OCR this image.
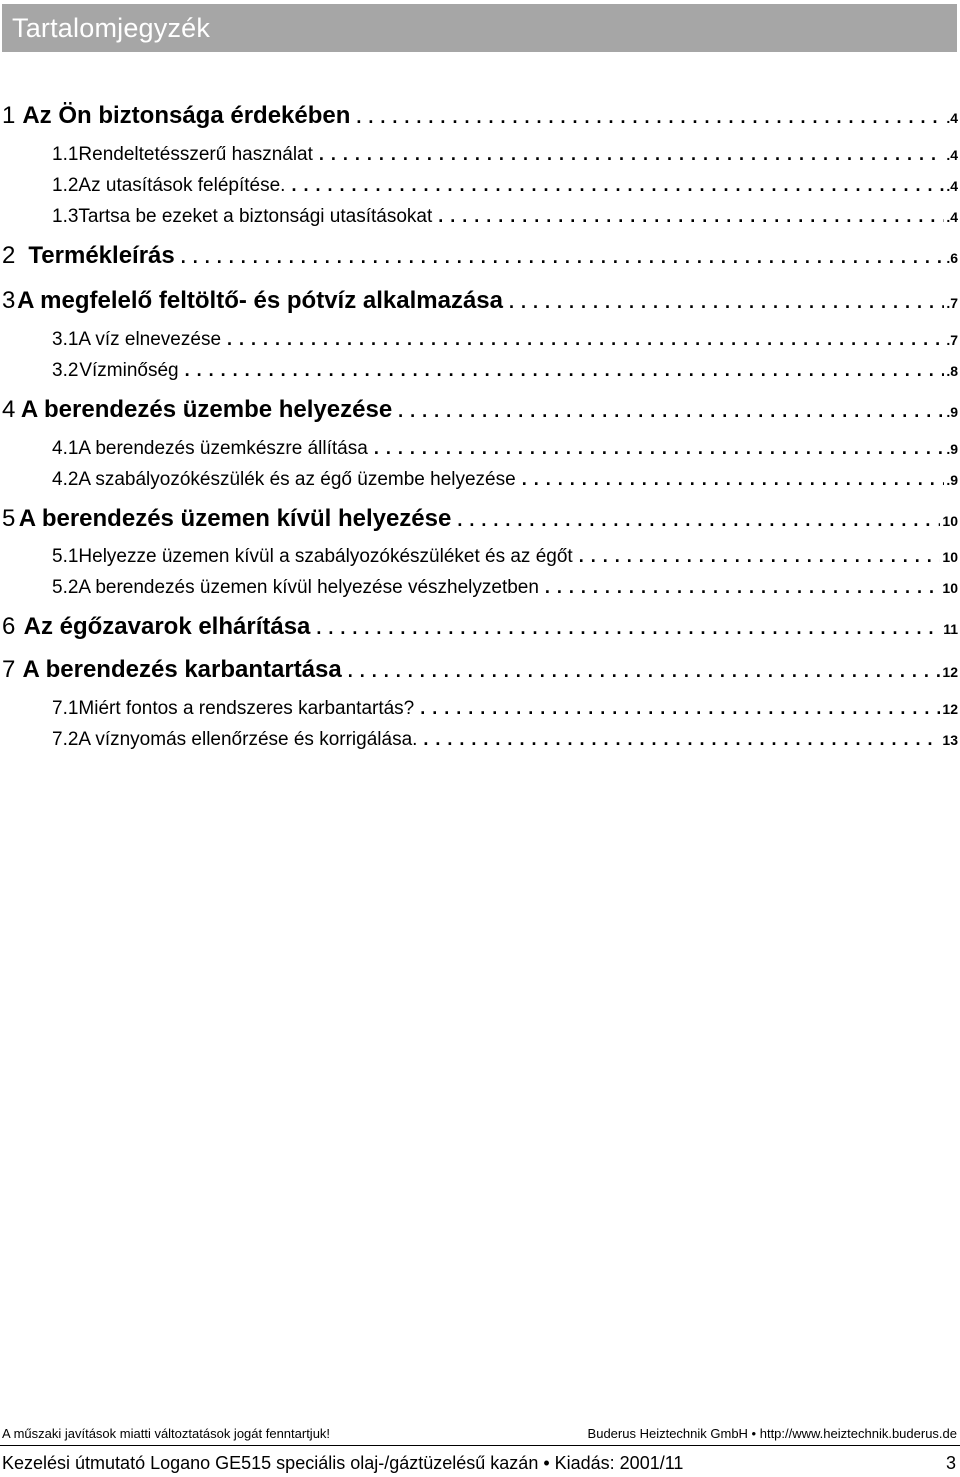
Tartalomjegyzék
1 Az Ön biztonsága érdekében . . .	.4
1.1 Rendeltetésszerű használat . . .	.4
1.2 Az utasítások felépítése. . . .	.4
1.3 Tartsa be ezeket a biztonsági utasításokat . . .	.4
2 Termékleírás . . .	.6
3 A megfelelő feltöltő- és pótvíz alkalmazása . . .	.7
3.1 A víz elnevezése . . .	.7
3.2 Vízminőség . . .	.8
4 A berendezés üzembe helyezése . . .	.9
4.1 A berendezés üzemkészre állítása . . .	.9
4.2 A szabályozókészülék és az égő üzembe helyezése . . .	.9
5 A berendezés üzemen kívül helyezése . . .	10
5.1 Helyezze üzemen kívül a szabályozókészüléket és az égőt . . .	10
5.2 A berendezés üzemen kívül helyezése vészhelyzetben . . .	10
6 Az égőzavarok elhárítása . . .	11
7 A berendezés karbantartása . . .	12
7.1 Miért fontos a rendszeres karbantartás? . . .	12
7.2 A víznyomás ellenőrzése és korrigálása. . . .	13
A műszaki javítások miatti változtatások jogát fenntartjuk!	Buderus Heiztechnik GmbH • http://www.heiztechnik.buderus.de
Kezelési útmutató Logano GE515 speciális olaj-/gáztüzelésű kazán • Kiadás: 2001/11	3
